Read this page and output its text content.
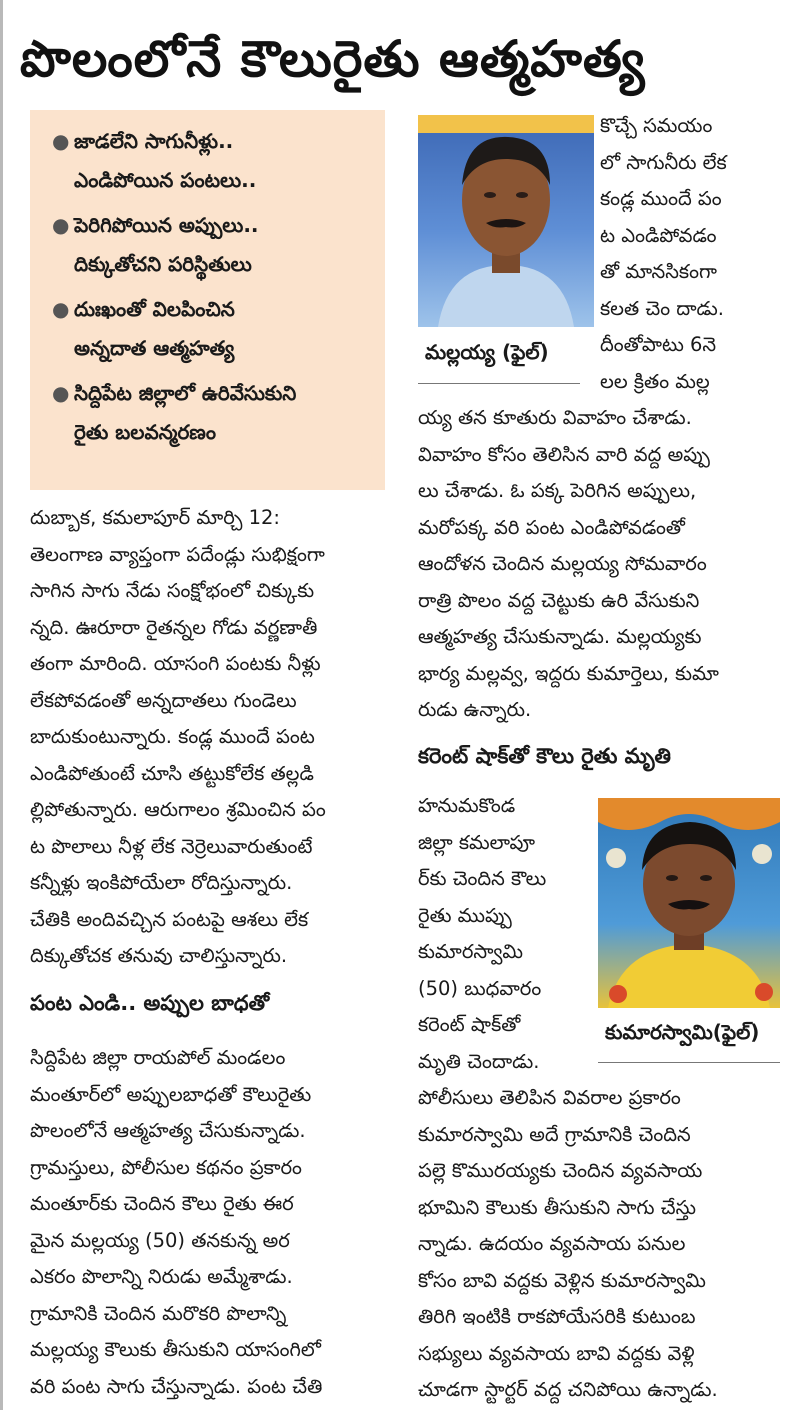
పొలంలోనే కౌలురైతు ఆత్మహత్య
● జాడలేని సాగునీళ్లు..
ఎండిపోయిన పంటలు..
● పెరిగిపోయిన అప్పులు..
దిక్కుతోచని పరిస్థితులు
● దుఃఖంతో విలపించిన
అన్నదాత ఆత్మహత్య
● సిద్దిపేట జిల్లాలో ఉరివేసుకుని
రైతు బలవన్మరణం
మల్లయ్య (ఫైల్)
కుమారస్వామి(ఫైల్)
దుబ్బాక, కమలాపూర్ మార్చి 12:
తెలంగాణ వ్యాప్తంగా పదేండ్లు సుభిక్షంగా
సాగిన సాగు నేడు సంక్షోభంలో చిక్కుకు
న్నది. ఊరూరా రైతన్నల గోడు వర్ణణాతీ
తంగా మారింది. యాసంగి పంటకు నీళ్లు
లేకపోవడంతో అన్నదాతలు గుండెలు
బాదుకుంటున్నారు. కండ్ల ముందే పంట
ఎండిపోతుంటే చూసి తట్టుకోలేక తల్లడి
ల్లిపోతున్నారు. ఆరుగాలం శ్రమించిన పం
ట పొలాలు నీళ్ల లేక నెర్రెలువారుతుంటే
కన్నీళ్లు ఇంకిపోయేలా రోదిస్తున్నారు.
చేతికి అందివచ్చిన పంటపై ఆశలు లేక
దిక్కుతోచక తనువు చాలిస్తున్నారు.
పంట ఎండి.. అప్పుల బాధతో
సిద్దిపేట జిల్లా రాయపోల్ మండలం
మంతూర్‌లో అప్పులబాధతో కౌలురైతు
పొలంలోనే ఆత్మహత్య చేసుకున్నాడు.
గ్రామస్తులు, పోలీసుల కథనం ప్రకారం
మంతూర్‌కు చెందిన కౌలు రైతు ఈర
మైన మల్లయ్య (50) తనకున్న అర
ఎకరం పొలాన్ని నిరుడు అమ్మేశాడు.
గ్రామానికి చెందిన మరొకరి పొలాన్ని
మల్లయ్య కౌలుకు తీసుకుని యాసంగిలో
వరి పంట సాగు చేస్తున్నాడు. పంట చేతి
కొచ్చే సమయం
లో సాగునీరు లేక
కండ్ల ముందే పం
ట ఎండిపోవడం
తో మానసికంగా
కలత చెం దాడు.
దీంతోపాటు 6నె
లల క్రితం మల్ల
య్య తన కూతురు వివాహం చేశాడు.
వివాహం కోసం తెలిసిన వారి వద్ద అప్పు
లు చేశాడు. ఓ పక్క పెరిగిన అప్పులు,
మరోపక్క వరి పంట ఎండిపోవడంతో
ఆందోళన చెందిన మల్లయ్య సోమవారం
రాత్రి పొలం వద్ద చెట్టుకు ఉరి వేసుకుని
ఆత్మహత్య చేసుకున్నాడు. మల్లయ్యకు
భార్య మల్లవ్వ, ఇద్దరు కుమార్తెలు, కుమా
రుడు ఉన్నారు.
కరెంట్ షాక్‌తో కౌలు రైతు మృతి
హనుమకొండ
జిల్లా కమలాపూ
ర్‌కు చెందిన కౌలు
రైతు ముప్పు
కుమారస్వామి
(50) బుధవారం
కరెంట్ షాక్‌తో
మృతి చెందాడు.
పోలీసులు తెలిపిన వివరాల ప్రకారం
కుమారస్వామి అదే గ్రామానికి చెందిన
పల్లె కొమురయ్యకు చెందిన వ్యవసాయ
భూమిని కౌలుకు తీసుకుని సాగు చేస్తు
న్నాడు. ఉదయం వ్యవసాయ పనుల
కోసం బావి వద్దకు వెళ్లిన కుమారస్వామి
తిరిగి ఇంటికి రాకపోయేసరికి కుటుంబ
సభ్యులు వ్యవసాయ బావి వద్దకు వెళ్లి
చూడగా స్టార్టర్ వద్ద చనిపోయి ఉన్నాడు.
